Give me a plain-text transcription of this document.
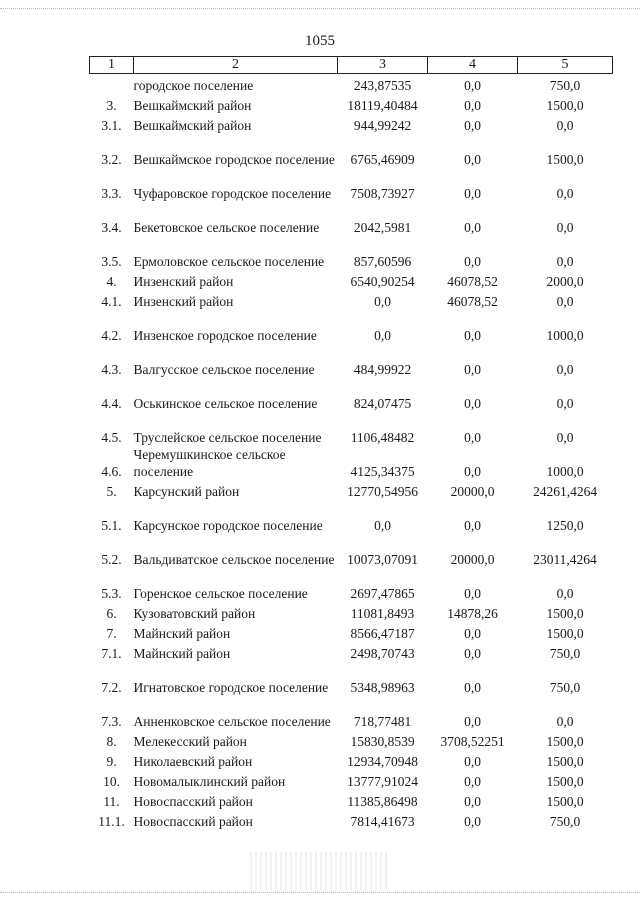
1055
1	2	3	4	5
	городское поселение	243,87535	0,0	750,0
3.	Вешкаймский район	18119,40484	0,0	1500,0
3.1.	Вешкаймский район	944,99242	0,0	0,0
3.2.	Вешкаймское городское поселение	6765,46909	0,0	1500,0
3.3.	Чуфаровское городское поселение	7508,73927	0,0	0,0
3.4.	Бекетовское сельское поселение	2042,5981	0,0	0,0
3.5.	Ермоловское сельское поселение	857,60596	0,0	0,0
4.	Инзенский район	6540,90254	46078,52	2000,0
4.1.	Инзенский район	0,0	46078,52	0,0
4.2.	Инзенское городское поселение	0,0	0,0	1000,0
4.3.	Валгусское сельское поселение	484,99922	0,0	0,0
4.4.	Оськинское сельское поселение	824,07475	0,0	0,0
4.5.	Труслейское сельское поселение	1106,48482	0,0	0,0
4.6.	Черемушкинское сельское поселение	4125,34375	0,0	1000,0
5.	Карсунский район	12770,54956	20000,0	24261,4264
5.1.	Карсунское городское поселение	0,0	0,0	1250,0
5.2.	Вальдиватское сельское поселение	10073,07091	20000,0	23011,4264
5.3.	Горенское сельское поселение	2697,47865	0,0	0,0
6.	Кузоватовский район	11081,8493	14878,26	1500,0
7.	Майнский район	8566,47187	0,0	1500,0
7.1.	Майнский район	2498,70743	0,0	750,0
7.2.	Игнатовское городское поселение	5348,98963	0,0	750,0
7.3.	Анненковское сельское поселение	718,77481	0,0	0,0
8.	Мелекесский район	15830,8539	3708,52251	1500,0
9.	Николаевский район	12934,70948	0,0	1500,0
10.	Новомалыклинский район	13777,91024	0,0	1500,0
11.	Новоспасский район	11385,86498	0,0	1500,0
11.1.	Новоспасский район	7814,41673	0,0	750,0
